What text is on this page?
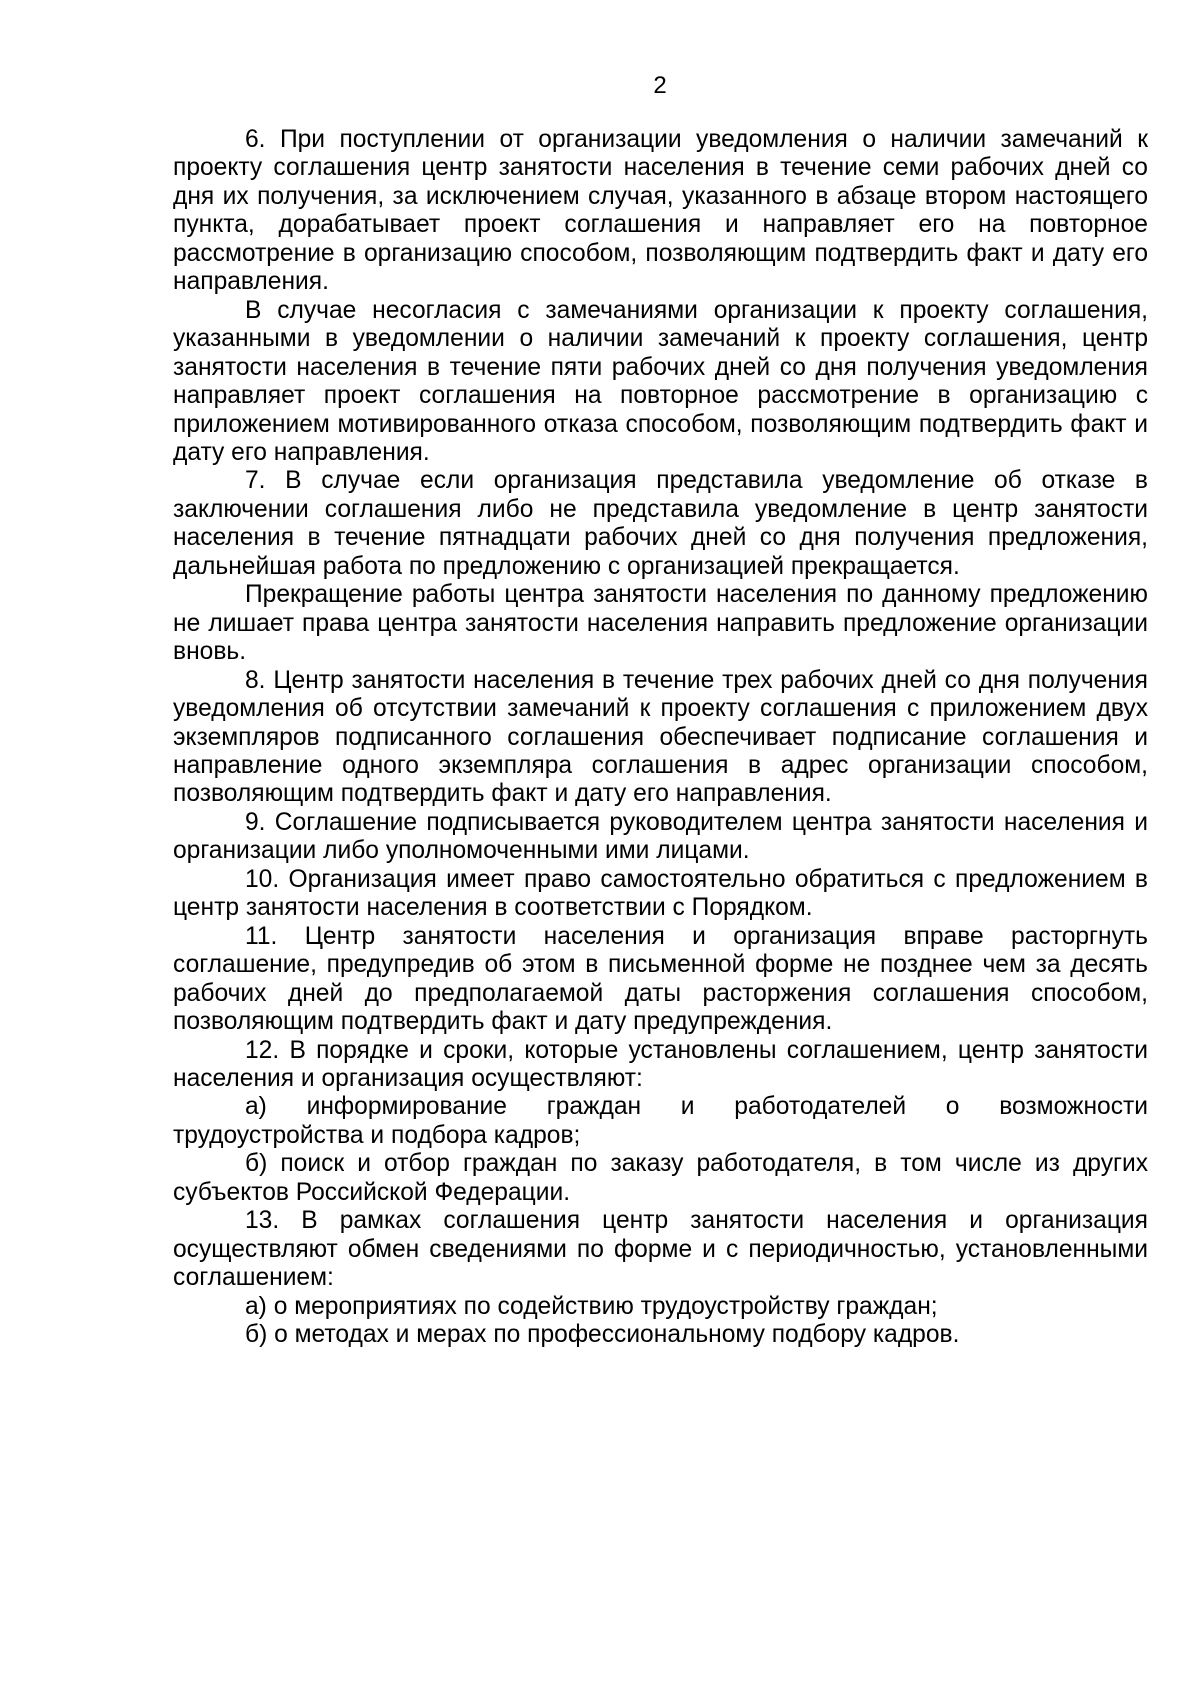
2

6. При поступлении от организации уведомления о наличии замечаний к проекту соглашения центр занятости населения в течение семи рабочих дней со дня их получения, за исключением случая, указанного в абзаце втором настоящего пункта, дорабатывает проект соглашения и направляет его на повторное рассмотрение в организацию способом, позволяющим подтвердить факт и дату его направления.

В случае несогласия с замечаниями организации к проекту соглашения, указанными в уведомлении о наличии замечаний к проекту соглашения, центр занятости населения в течение пяти рабочих дней со дня получения уведомления направляет проект соглашения на повторное рассмотрение в организацию с приложением мотивированного отказа способом, позволяющим подтвердить факт и дату его направления.

7. В случае если организация представила уведомление об отказе в заключении соглашения либо не представила уведомление в центр занятости населения в течение пятнадцати рабочих дней со дня получения предложения, дальнейшая работа по предложению с организацией прекращается.

Прекращение работы центра занятости населения по данному предложению не лишает права центра занятости населения направить предложение организации вновь.

8. Центр занятости населения в течение трех рабочих дней со дня получения уведомления об отсутствии замечаний к проекту соглашения с приложением двух экземпляров подписанного соглашения обеспечивает подписание соглашения и направление одного экземпляра соглашения в адрес организации способом, позволяющим подтвердить факт и дату его направления.

9. Соглашение подписывается руководителем центра занятости населения и организации либо уполномоченными ими лицами.

10. Организация имеет право самостоятельно обратиться с предложением в центр занятости населения в соответствии с Порядком.

11. Центр занятости населения и организация вправе расторгнуть соглашение, предупредив об этом в письменной форме не позднее чем за десять рабочих дней до предполагаемой даты расторжения соглашения способом, позволяющим подтвердить факт и дату предупреждения.

12. В порядке и сроки, которые установлены соглашением, центр занятости населения и организация осуществляют:

а) информирование граждан и работодателей о возможности трудоустройства и подбора кадров;

б) поиск и отбор граждан по заказу работодателя, в том числе из других субъектов Российской Федерации.

13. В рамках соглашения центр занятости населения и организация осуществляют обмен сведениями по форме и с периодичностью, установленными соглашением:

а) о мероприятиях по содействию трудоустройству граждан;

б) о методах и мерах по профессиональному подбору кадров.
